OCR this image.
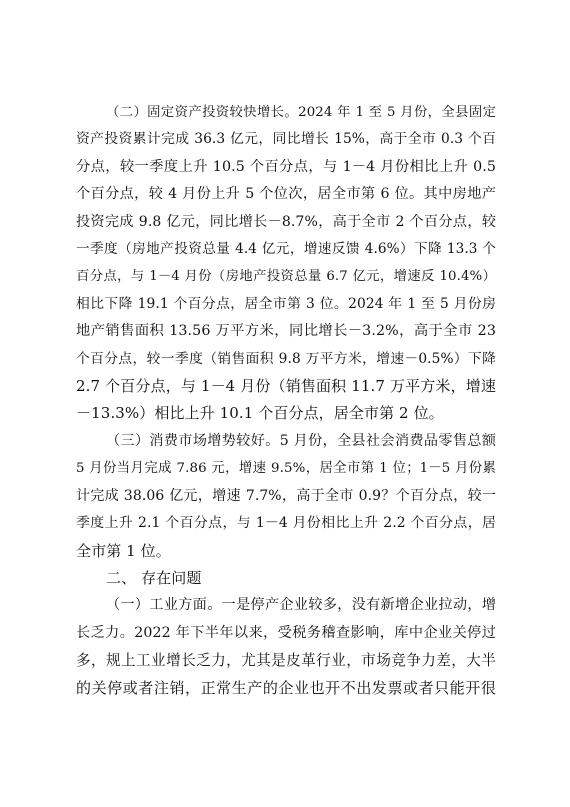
（二）固定资产投资较快增长。2024 年 1 至 5 月份，全县固定
资产投资累计完成 36.3 亿元，同比增长 15%，高于全市 0.3 个百
分点，较一季度上升 10.5 个百分点，与 1－4 月份相比上升 0.5
个百分点，较 4 月份上升 5 个位次，居全市第 6 位。其中房地产
投资完成 9.8 亿元，同比增长－8.7%，高于全市 2 个百分点，较
一季度（房地产投资总量 4.4 亿元，增速反馈 4.6%）下降 13.3 个
百分点，与 1－4 月份（房地产投资总量 6.7 亿元，增速反 10.4%）
相比下降 19.1 个百分点，居全市第 3 位。2024 年 1 至 5 月份房
地产销售面积 13.56 万平方米，同比增长－3.2%，高于全市 23
个百分点，较一季度（销售面积 9.8 万平方米，增速－0.5%）下降
2.7 个百分点，与 1－4 月份（销售面积 11.7 万平方米，增速
－13.3%）相比上升 10.1 个百分点，居全市第 2 位。
（三）消费市场增势较好。5 月份，全县社会消费品零售总额
5 月份当月完成 7.86 元，增速 9.5%，居全市第 1 位；1－5 月份累
计完成 38.06 亿元，增速 7.7%，高于全市 0.9？个百分点，较一
季度上升 2.1 个百分点，与 1－4 月份相比上升 2.2 个百分点，居
全市第 1 位。
二、 存在问题
（一）工业方面。一是停产企业较多，没有新增企业拉动，增
长乏力。2022 年下半年以来，受税务稽查影响，库中企业关停过
多，规上工业增长乏力，尤其是皮革行业，市场竞争力差，大半
的关停或者注销，正常生产的企业也开不出发票或者只能开很
